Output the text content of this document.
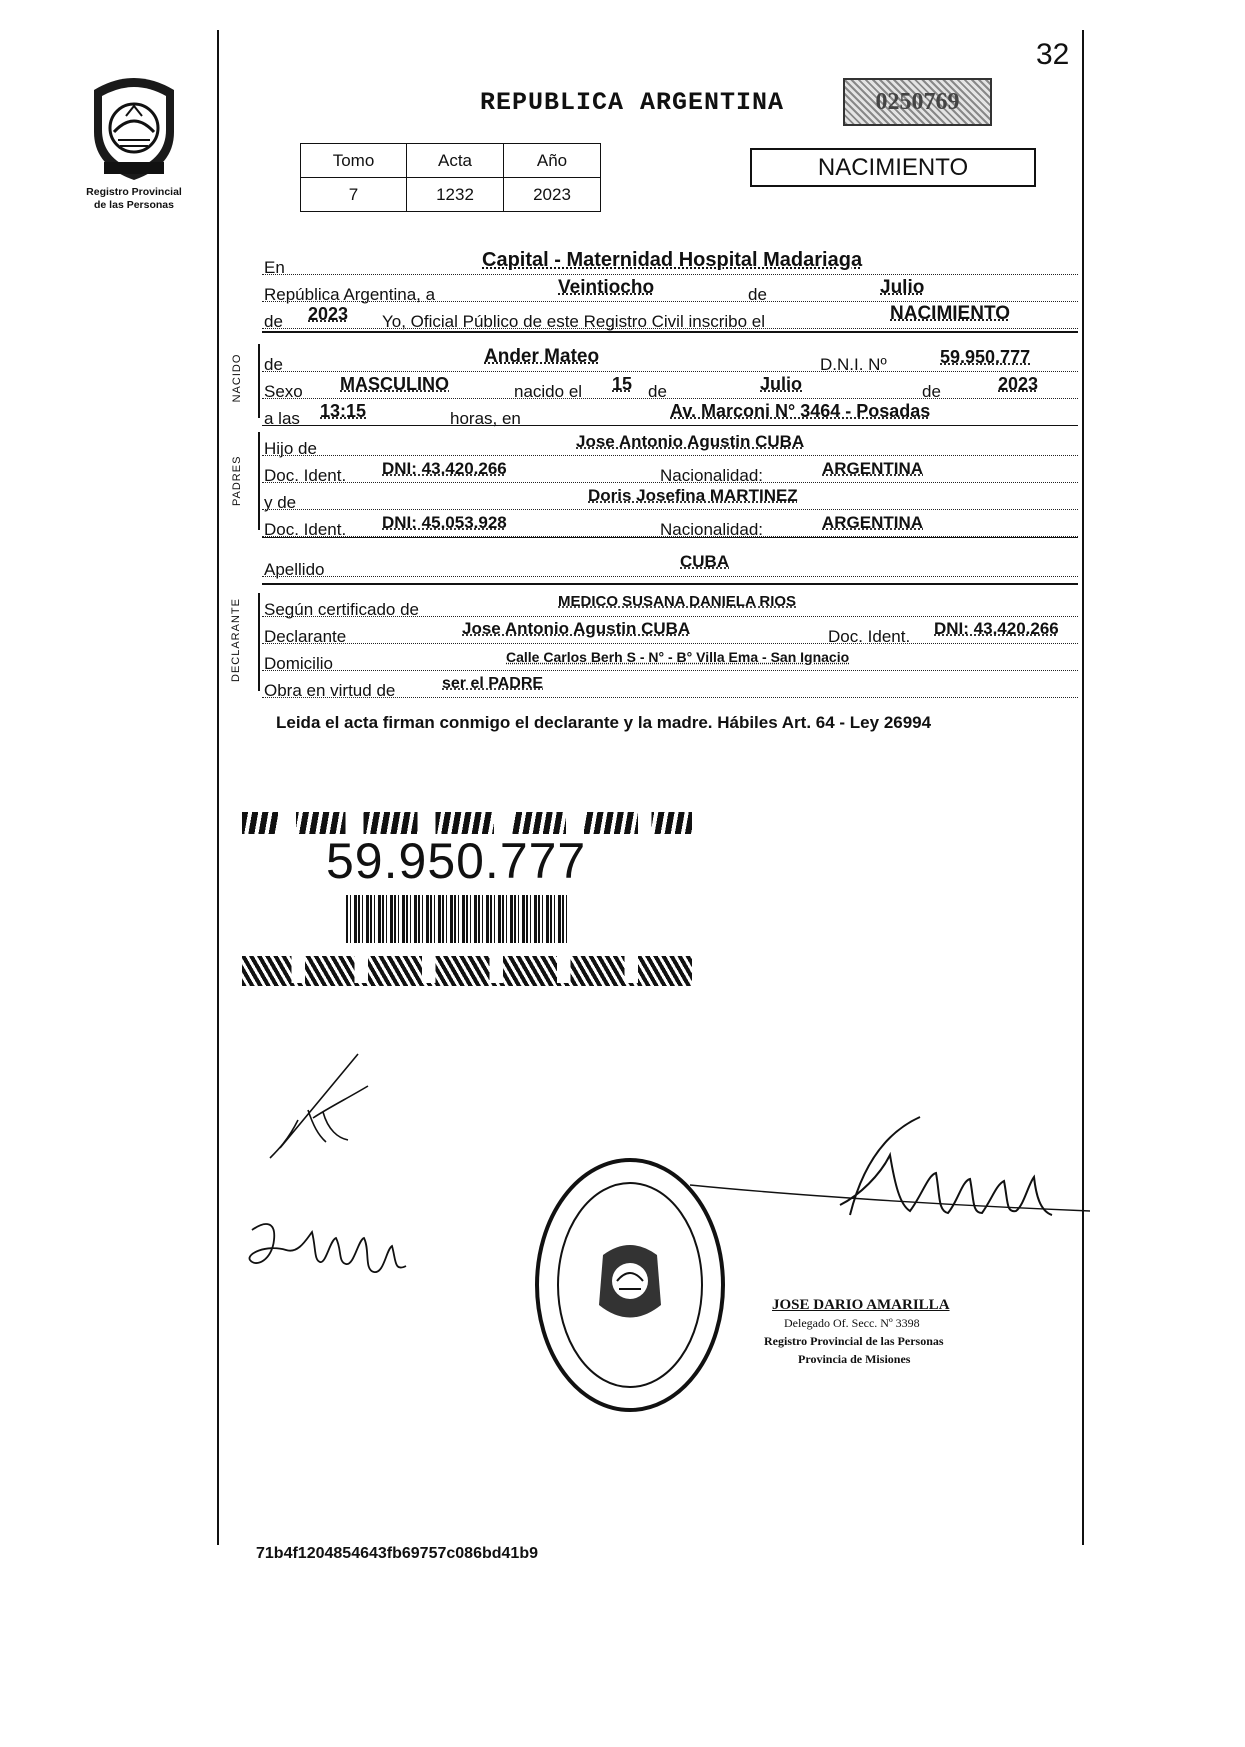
32
Registro Provincial
de las Personas
REPUBLICA ARGENTINA	0250769
Tomo	Acta	Año
7	1232	2023
NACIMIENTO
NACIDO
PADRES
DECLARANTE
En	Capital - Maternidad Hospital Madariaga
República Argentina, a	Veintiocho	de	Julio
de 2023 Yo, Oficial Público de este Registro Civil inscribo el	NACIMIENTO
de	Ander Mateo	D.N.I. Nº	59.950.777
Sexo MASCULINO	nacido el 15 de	Julio	de	2023
a las 13:15	horas, en	Av. Marconi N° 3464 - Posadas
Hijo de	Jose Antonio Agustin CUBA
Doc. Ident. DNI: 43.420.266	Nacionalidad:	ARGENTINA
y de	Doris Josefina MARTINEZ
Doc. Ident. DNI: 45.053.928	Nacionalidad:	ARGENTINA
Apellido	CUBA
Según certificado de	MEDICO SUSANA DANIELA RIOS
Declarante	Jose Antonio Agustin CUBA	Doc. Ident. DNI: 43.420.266
Domicilio	Calle Carlos Berh S - N° - B° Villa Ema - San Ignacio
Obra en virtud de	ser el PADRE
Leida el acta firman conmigo el declarante y la madre. Hábiles Art. 64 - Ley 26994
59.950.777
JOSE DARIO AMARILLA
Delegado Of. Secc. Nº 3398
Registro Provincial de las Personas
Provincia de Misiones
71b4f1204854643fb69757c086bd41b9
